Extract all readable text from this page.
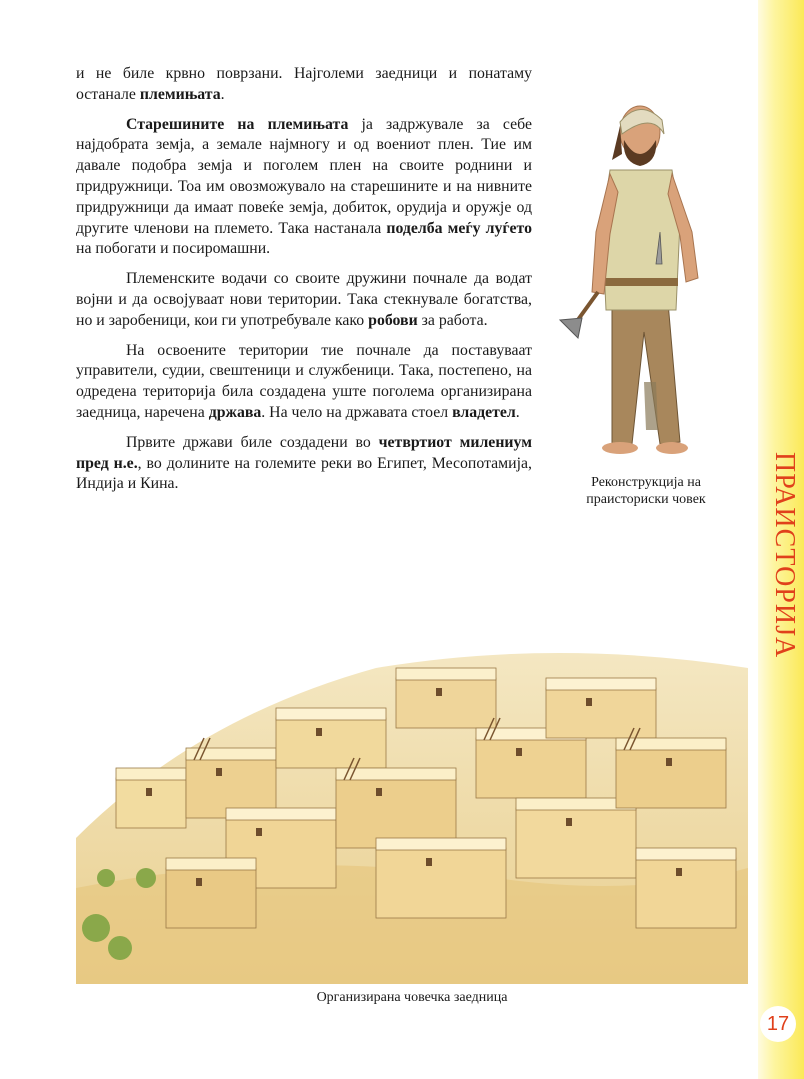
ПРАИСТОРИЈА
17

и не биле крвно поврзани. Најголеми заедници и понатаму останале племињата.

Старешините на племињата ја задржувале за себе најдобрата земја, а земале најмногу и од воениот плен. Тие им давале подобра земја и поголем плен на своите роднини и придружници. Тоа им овозможувало на старешините и на нивните придружници да имаат повеќе земја, добиток, орудија и оружје од другите членови на племето. Така настанала поделба меѓу луѓето на побогати и посиромашни.

Племенските водачи со своите дружини почнале да водат војни и да освојуваат нови територии. Така стекнувале богатства, но и заробеници, кои ги употребувале како робови за работа.

На освоените територии тие почнале да поставуваат управители, судии, свештеници и службеници. Така, постепено, на одредена територија била создадена уште поголема организирана заедница, наречена држава. На чело на државата стоел владетел.

Првите држави биле создадени во четвртиот милениум пред н.е., во долините на големите реки во Египет, Месопотамија, Индија и Кина.	Реконструкција на праисториски човек
Организирана човечка заедница
